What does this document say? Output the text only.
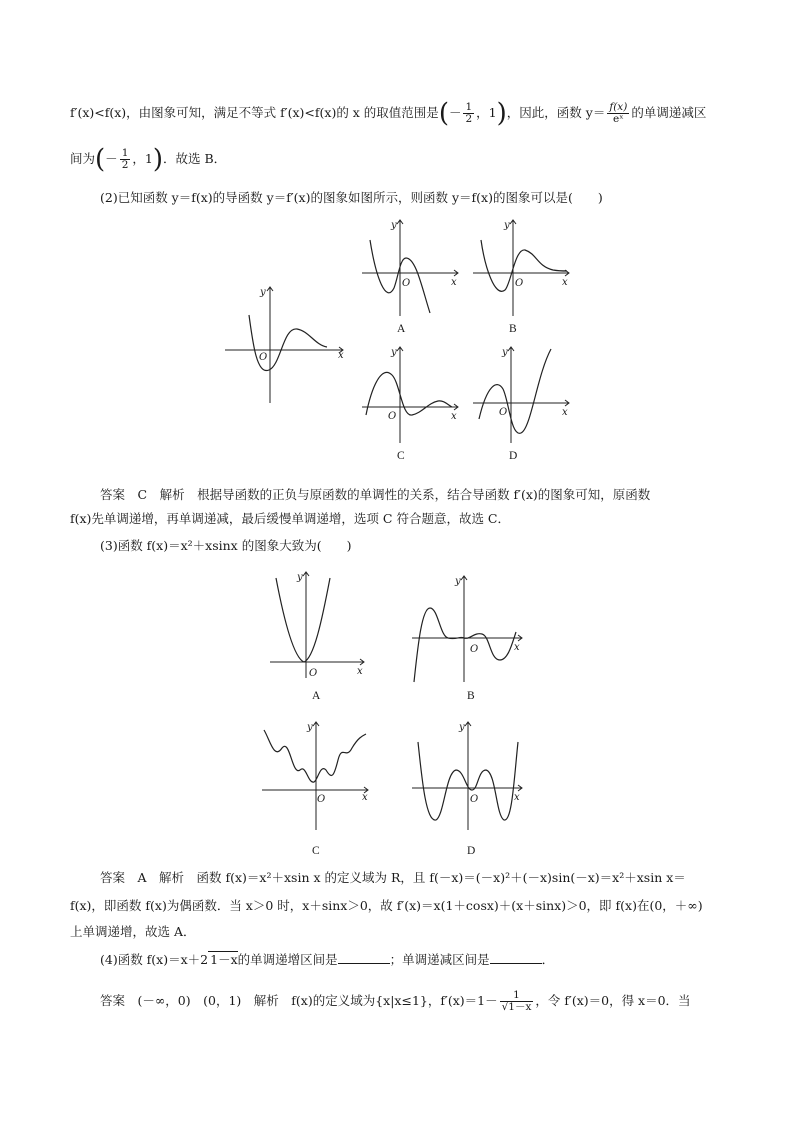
f′(x)<f(x)，由图象可知，满足不等式 f′(x)<f(x)的 x 的取值范围是(－ $\frac{1}{2}$ ，1)，因此，函数 $y= \frac{f(x)}{\text{eˣ}}$ 的单调递减区
间为(－ $\frac{1}{2}$ ，1)．故选 B．
(2)已知函数 y＝f(x)的导函数 y＝f′(x)的图象如图所示，则函数 y＝f(x)的图象可以是(　　)
y
x
O
y
x
O
A
y
x
O
B
y
x
O
C
y
x
O
D
答案　C　解析　根据导函数的正负与原函数的单调性的关系，结合导函数 f′(x)的图象可知，原函数
f(x)先单调递增，再单调递减，最后缓慢单调递增，选项 C 符合题意，故选 C．
(3)函数 f(x)＝x²＋xsinx 的图象大致为(　　)
y
x
O
A
y
x
O
B
y
x
O
C
y
x
O
D
答案　A　解析　函数 f(x)＝x²＋xsin x 的定义域为 R，且 f(－x)＝(－x)²＋(－x)sin(－x)＝x²＋xsin x＝
f(x)，即函数 f(x)为偶函数．当 x＞0 时，x＋sinx＞0，故 f′(x)＝x(1＋cosx)＋(x＋sinx)＞0，即 f(x)在(0，＋∞)
上单调递增，故选 A．
(4)函数 f(x)＝x＋2 1－x的单调递增区间是	；单调递减区间是	．
答案　(－∞，0)　(0，1)　解析　f(x)的定义域为{x|x≤1}，$f'(x)=1- \frac{1}{√1-x}$ ，令 f′(x)＝0，得 x＝0．当
